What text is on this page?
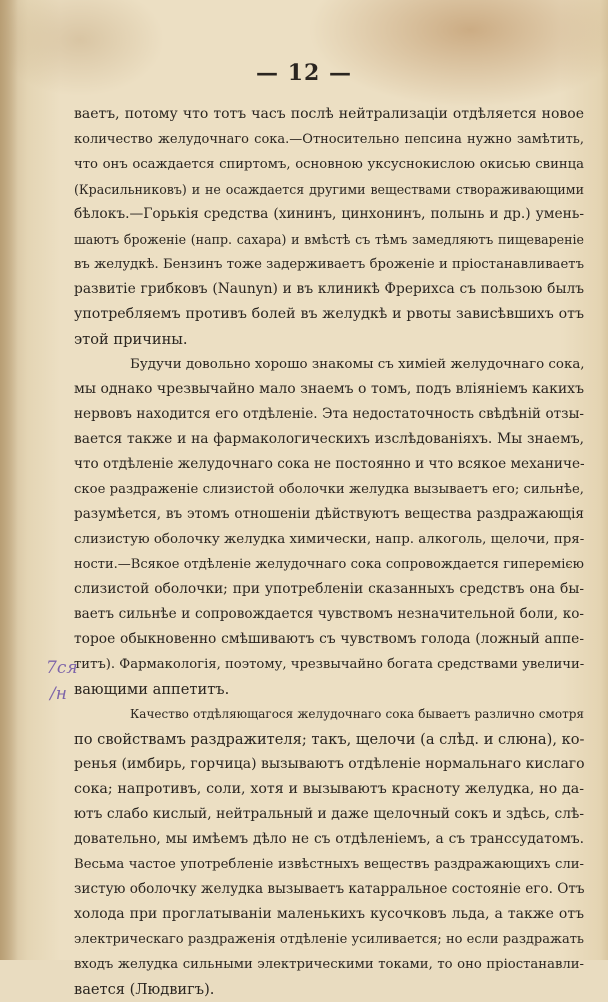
— 12 —
7ся
/н

ваетъ, потому что тотъ часъ послѣ нейтрализаціи отдѣляется новое
количество желудочнаго сока.—Относительно пепсина нужно замѣтить,
что онъ осаждается спиртомъ, основною уксуснокислою окисью свинца
(Красильниковъ) и не осаждается другими веществами створаживающими
бѣлокъ.—Горькія средства (хининъ, цинхонинъ, полынь и др.) умень-
шаютъ броженіе (напр. сахара) и вмѣстѣ съ тѣмъ замедляютъ пищевареніе
въ желудкѣ. Бензинъ тоже задерживаетъ броженіе и пріостанавливаетъ
развитіе грибковъ (Naunyn) и въ клиникѣ Фрерихса съ пользою былъ
употребляемъ противъ болей въ желудкѣ и рвоты зависѣвшихъ отъ
этой причины.

Будучи довольно хорошо знакомы съ химіей желудочнаго сока,
мы однако чрезвычайно мало знаемъ о томъ, подъ вліяніемъ какихъ
нервовъ находится его отдѣленіе. Эта недостаточность свѣдѣній отзы-
вается также и на фармакологическихъ изслѣдованіяхъ. Мы знаемъ,
что отдѣленіе желудочнаго сока не постоянно и что всякое механиче-
ское раздраженіе слизистой оболочки желудка вызываетъ его; сильнѣе,
разумѣется, въ этомъ отношеніи дѣйствуютъ вещества раздражающія
слизистую оболочку желудка химически, напр. алкоголь, щелочи, пря-
ности.—Всякое отдѣленіе желудочнаго сока сопровождается гиперемією
слизистой оболочки; при употребленіи сказанныхъ средствъ она бы-
ваетъ сильнѣе и сопровождается чувствомъ незначительной боли, ко-
торое обыкновенно смѣшиваютъ съ чувствомъ голода (ложный аппе-
титъ). Фармакологія, поэтому, чрезвычайно богата средствами увеличи-
вающими аппетитъ.

Качество отдѣляющагося желудочнаго сока бываетъ различно смотря
по свойствамъ раздражителя; такъ, щелочи (а слѣд. и слюна), ко-
ренья (имбирь, горчица) вызываютъ отдѣленіе нормальнаго кислаго
сока; напротивъ, соли, хотя и вызываютъ красноту желудка, но да-
ютъ слабо кислый, нейтральный и даже щелочный сокъ и здѣсь, слѣ-
довательно, мы имѣемъ дѣло не съ отдѣленіемъ, а съ транссудатомъ.
Весьма частое употребленіе извѣстныхъ веществъ раздражающихъ сли-
зистую оболочку желудка вызываетъ катарральное состояніе его. Отъ
холода при проглатываніи маленькихъ кусочковъ льда, а также отъ
электрическаго раздраженія отдѣленіе усиливается; но если раздражать
входъ желудка сильными электрическими токами, то оно пріостанавли-
вается (Людвигъ).
